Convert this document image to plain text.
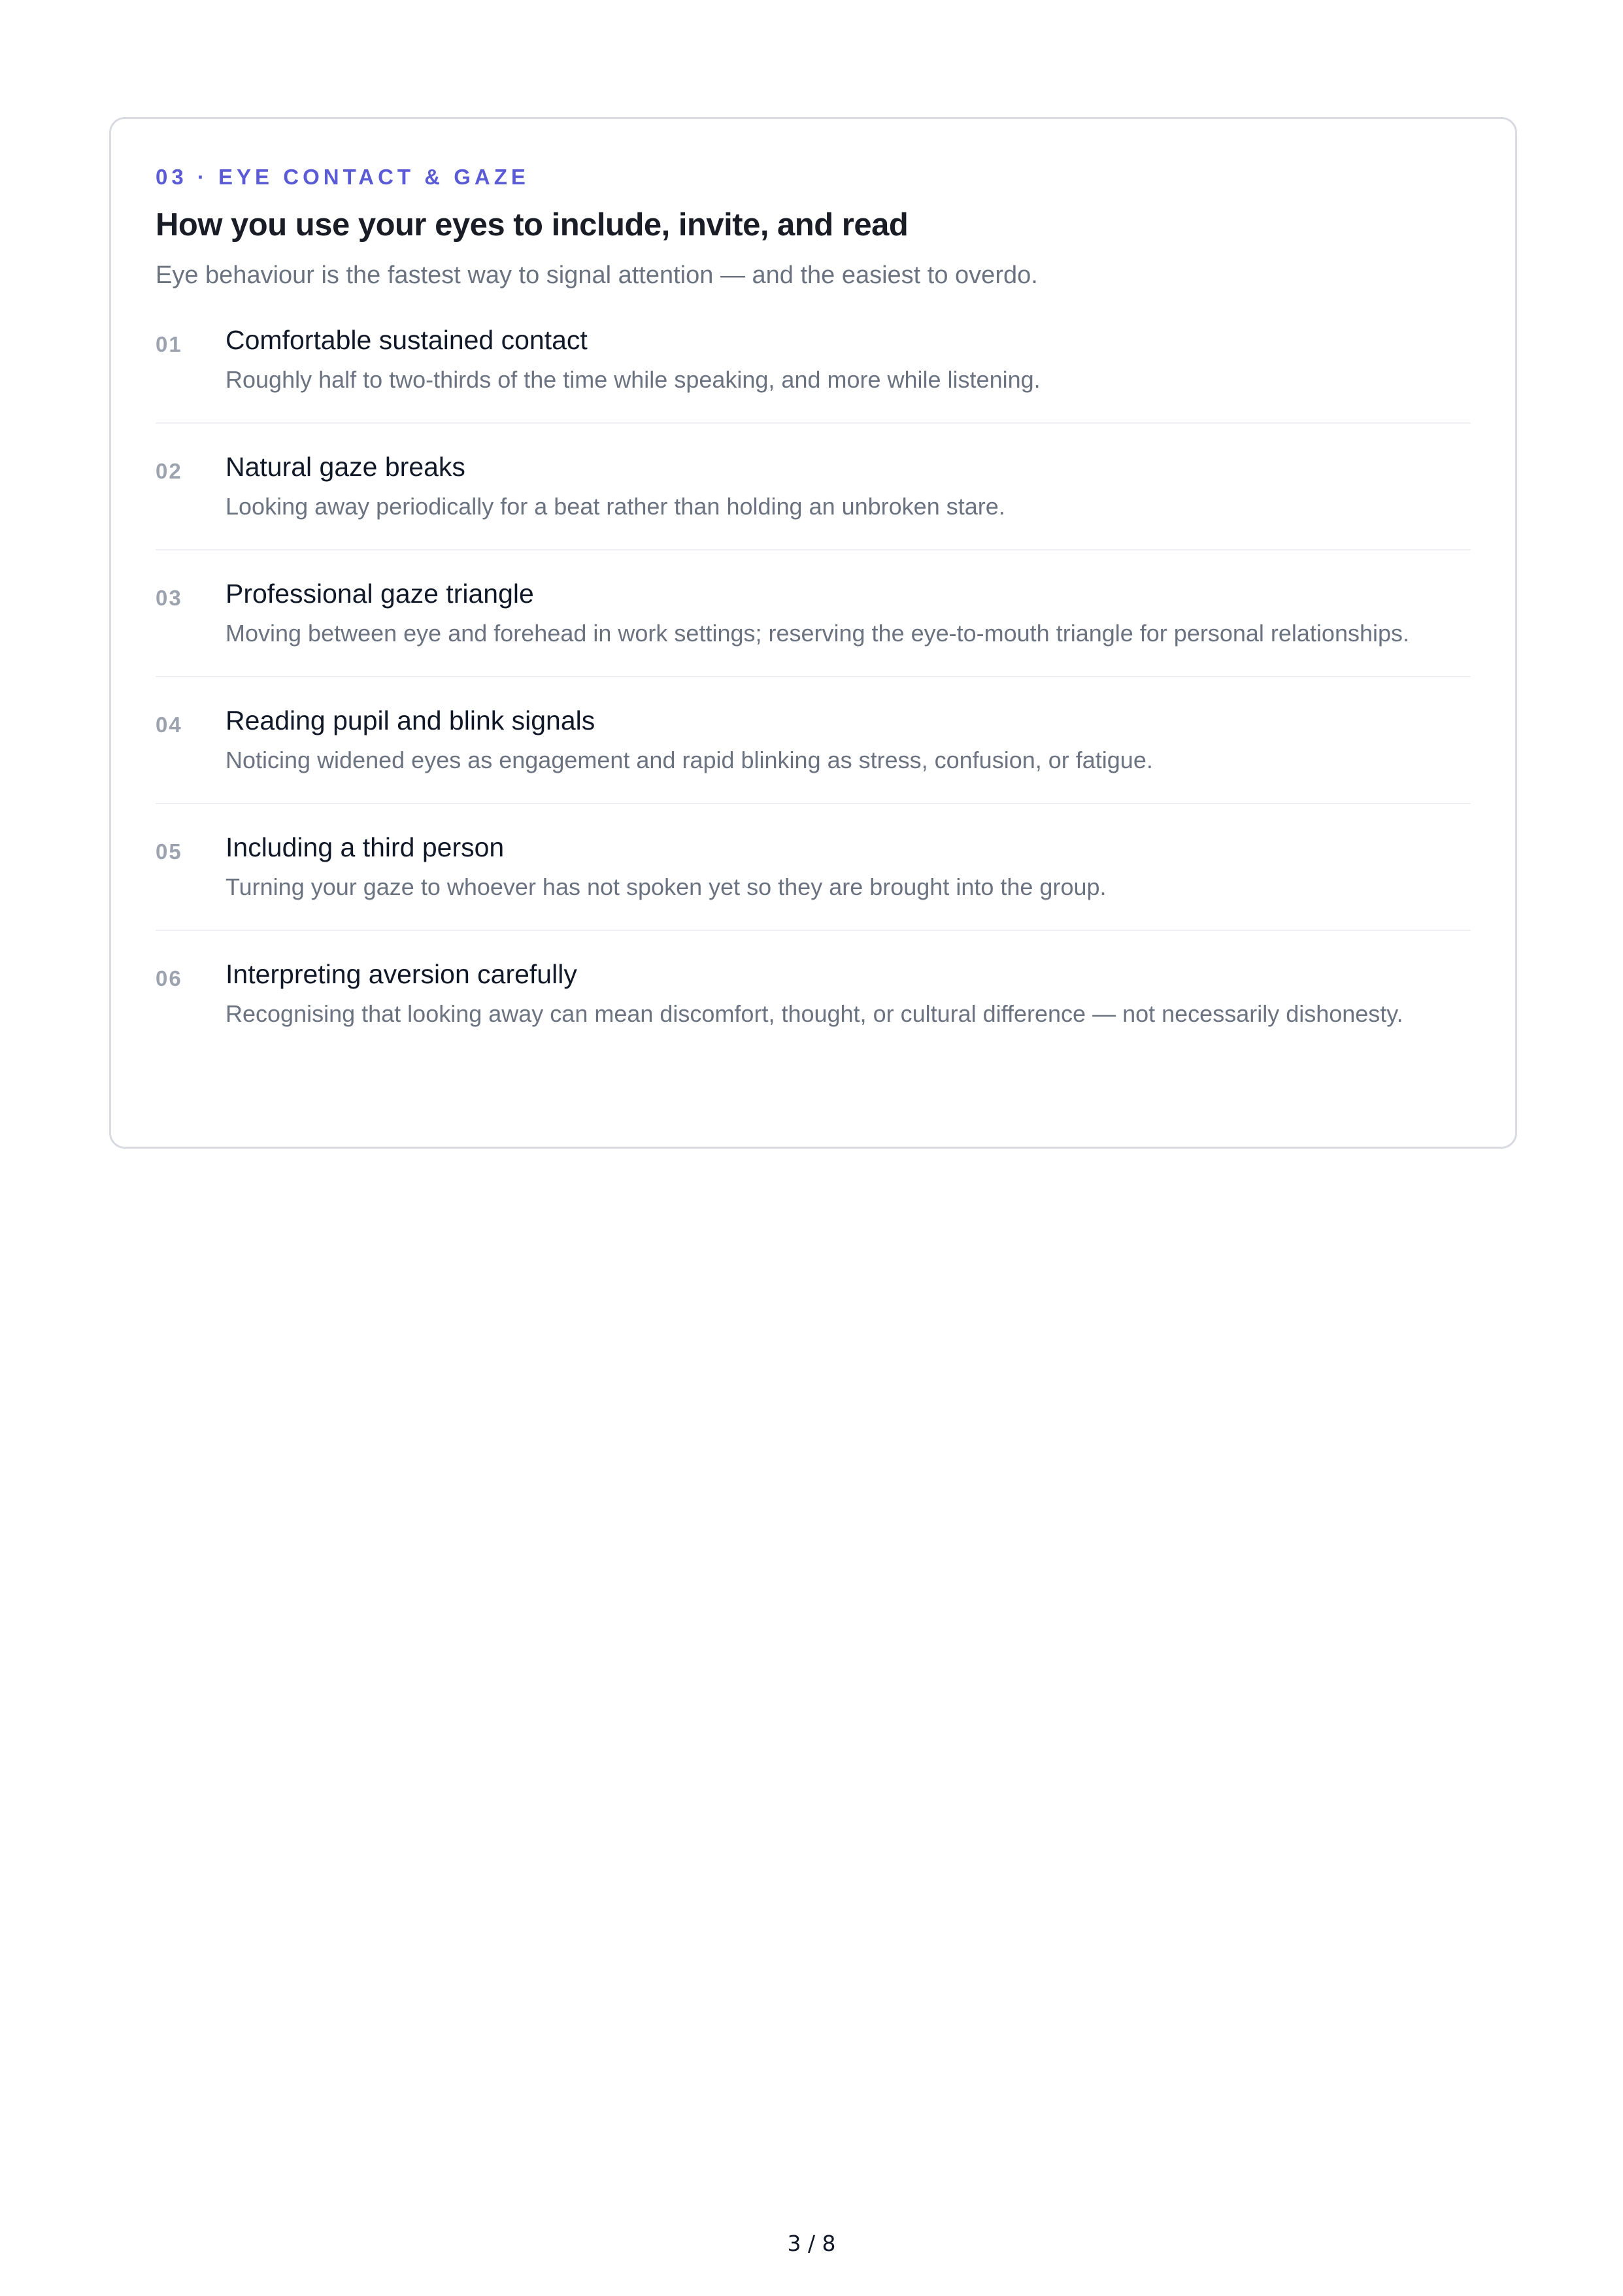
03 · EYE CONTACT & GAZE
How you use your eyes to include, invite, and read
Eye behaviour is the fastest way to signal attention — and the easiest to overdo.
01 Comfortable sustained contact
Roughly half to two-thirds of the time while speaking, and more while listening.
02 Natural gaze breaks
Looking away periodically for a beat rather than holding an unbroken stare.
03 Professional gaze triangle
Moving between eye and forehead in work settings; reserving the eye-to-mouth triangle for personal relationships.
04 Reading pupil and blink signals
Noticing widened eyes as engagement and rapid blinking as stress, confusion, or fatigue.
05 Including a third person
Turning your gaze to whoever has not spoken yet so they are brought into the group.
06 Interpreting aversion carefully
Recognising that looking away can mean discomfort, thought, or cultural difference — not necessarily dishonesty.
3 / 8
